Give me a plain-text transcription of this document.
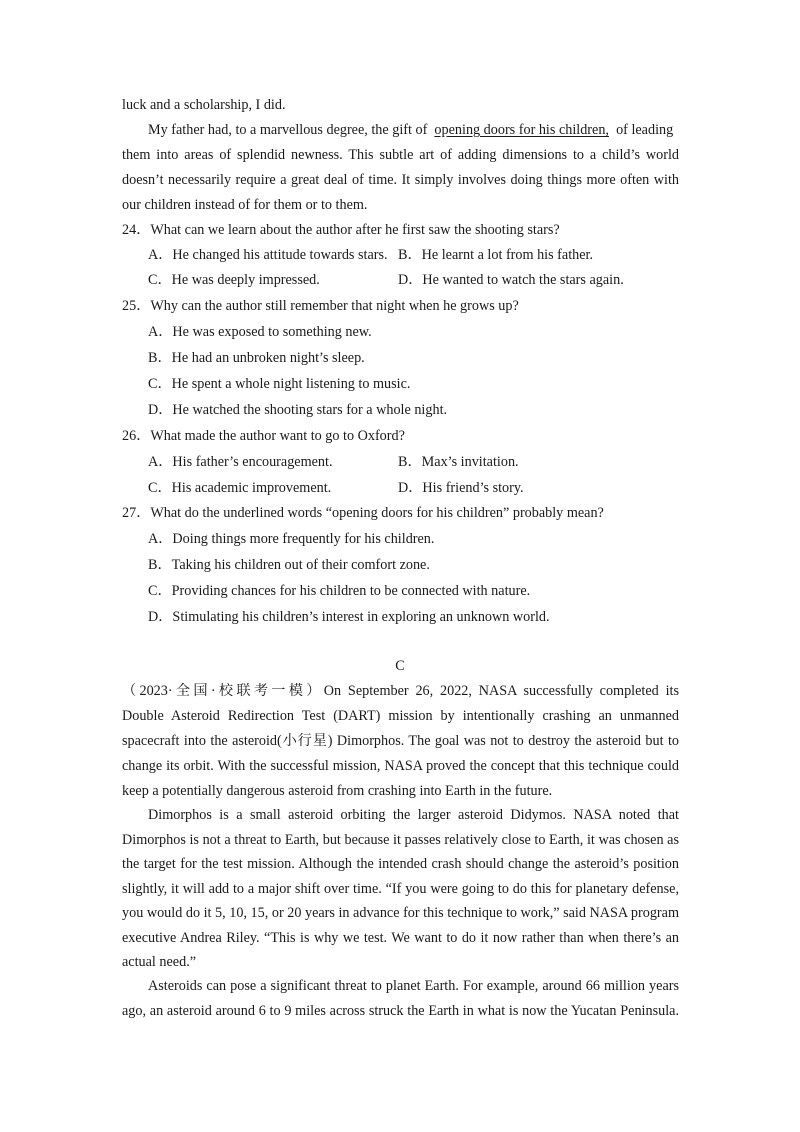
luck and a scholarship, I did.
My father had, to a marvellous degree, the gift of opening doors for his children, of leading
them into areas of splendid newness. This subtle art of adding dimensions to a child’s world
doesn’t necessarily require a great deal of time. It simply involves doing things more often with
our children instead of for them or to them.
24．What can we learn about the author after he first saw the shooting stars?
A．He changed his attitude towards stars. B．He learnt a lot from his father.
C．He was deeply impressed.	D．He wanted to watch the stars again.
25．Why can the author still remember that night when he grows up?
A．He was exposed to something new.
B．He had an unbroken night’s sleep.
C．He spent a whole night listening to music.
D．He watched the shooting stars for a whole night.
26．What made the author want to go to Oxford?
A．His father’s encouragement.	B．Max’s invitation.
C．His academic improvement.	D．His friend’s story.
27．What do the underlined words “opening doors for his children” probably mean?
A．Doing things more frequently for his children.
B．Taking his children out of their comfort zone.
C．Providing chances for his children to be connected with nature.
D．Stimulating his children’s interest in exploring an unknown world.
C
（2023·全国·校联考一模）On September 26, 2022, NASA successfully completed its
Double Asteroid Redirection Test (DART) mission by intentionally crashing an unmanned
spacecraft into the asteroid(小行星) Dimorphos. The goal was not to destroy the asteroid but to
change its orbit. With the successful mission, NASA proved the concept that this technique could
keep a potentially dangerous asteroid from crashing into Earth in the future.
Dimorphos is a small asteroid orbiting the larger asteroid Didymos. NASA noted that
Dimorphos is not a threat to Earth, but because it passes relatively close to Earth, it was chosen as
the target for the test mission. Although the intended crash should change the asteroid’s position
slightly, it will add to a major shift over time. “If you were going to do this for planetary defense,
you would do it 5, 10, 15, or 20 years in advance for this technique to work,” said NASA program
executive Andrea Riley. “This is why we test. We want to do it now rather than when there’s an
actual need.”
Asteroids can pose a significant threat to planet Earth. For example, around 66 million years
ago, an asteroid around 6 to 9 miles across struck the Earth in what is now the Yucatan Peninsula.
